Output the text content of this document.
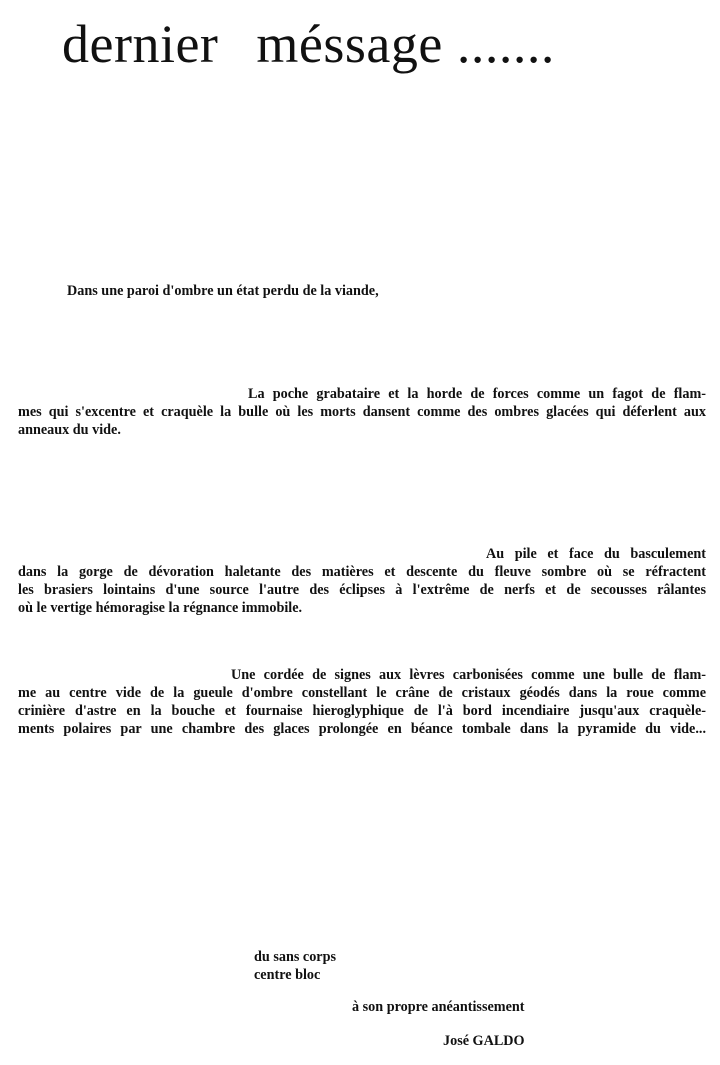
dernier méssage .......
Dans une paroi d'ombre un état perdu de la viande,
La poche grabataire et la horde de forces comme un fagot de flam-
mes qui s'excentre et craquèle la bulle où les morts dansent comme des ombres glacées qui déferlent aux
anneaux du vide.
Au pile et face du basculement
dans la gorge de dévoration haletante des matières et descente du fleuve sombre où se réfractent
les brasiers lointains d'une source l'autre des éclipses à l'extrême de nerfs et de secousses râlantes
où le vertige hémoragise la régnance immobile.
Une cordée de signes aux lèvres carbonisées comme une bulle de flam-
me au centre vide de la gueule d'ombre constellant le crâne de cristaux géodés dans la roue comme
crinière d'astre en la bouche et fournaise hieroglyphique de l'à bord incendiaire jusqu'aux craquèle-
ments polaires par une chambre des glaces prolongée en béance tombale dans la pyramide du vide...
du sans corps
centre bloc
à son propre anéantissement
José GALDO
